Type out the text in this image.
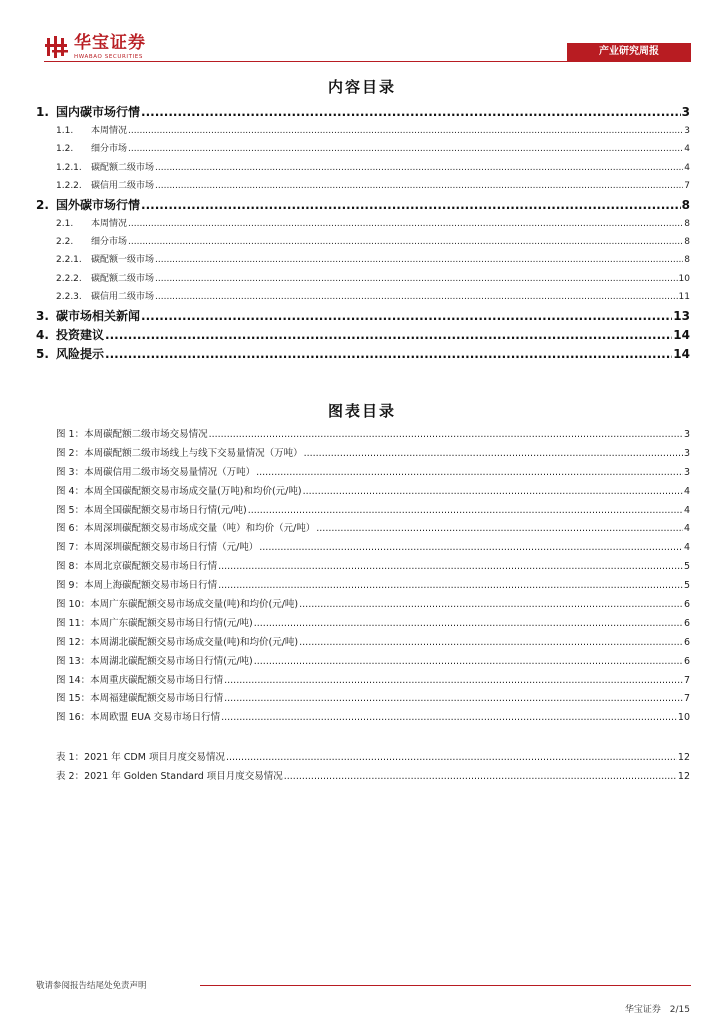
华宝证券
HWABAO SECURITIES	产业研究周报
内容目录
1. 国内碳市场行情 .....	3
1.1.	本周情况 .....	3
1.2.	细分市场 .....	4
1.2.1.	碳配额二级市场 .....	4
1.2.2.	碳信用二级市场 .....	7
2. 国外碳市场行情 .....	8
2.1.	本周情况 .....	8
2.2.	细分市场 .....	8
2.2.1.	碳配额一级市场 .....	8
2.2.2.	碳配额二级市场 .....	10
2.2.3.	碳信用二级市场 .....	11
3. 碳市场相关新闻 .....	13
4. 投资建议 .....	14
5. 风险提示 .....	14
图表目录
图 1：本周碳配额二级市场交易情况 .....	3
图 2：本周碳配额二级市场线上与线下交易量情况（万吨） .....	3
图 3：本周碳信用二级市场交易量情况（万吨） .....	3
图 4：本周全国碳配额交易市场成交量(万吨)和均价(元/吨) .....	4
图 5：本周全国碳配额交易市场日行情(元/吨) .....	4
图 6：本周深圳碳配额交易市场成交量（吨）和均价（元/吨） .....	4
图 7：本周深圳碳配额交易市场日行情（元/吨） .....	4
图 8：本周北京碳配额交易市场日行情 .....	5
图 9：本周上海碳配额交易市场日行情 .....	5
图 10：本周广东碳配额交易市场成交量(吨)和均价(元/吨) .....	6
图 11：本周广东碳配额交易市场日行情(元/吨) .....	6
图 12：本周湖北碳配额交易市场成交量(吨)和均价(元/吨) .....	6
图 13：本周湖北碳配额交易市场日行情(元/吨) .....	6
图 14：本周重庆碳配额交易市场日行情 .....	7
图 15：本周福建碳配额交易市场日行情 .....	7
图 16：本周欧盟 EUA 交易市场日行情 .....	10
表 1：2021 年 CDM 项目月度交易情况 .....	12
表 2：2021 年 Golden Standard 项目月度交易情况 .....	12
敬请参阅报告结尾处免责声明
华宝证券 2/15
